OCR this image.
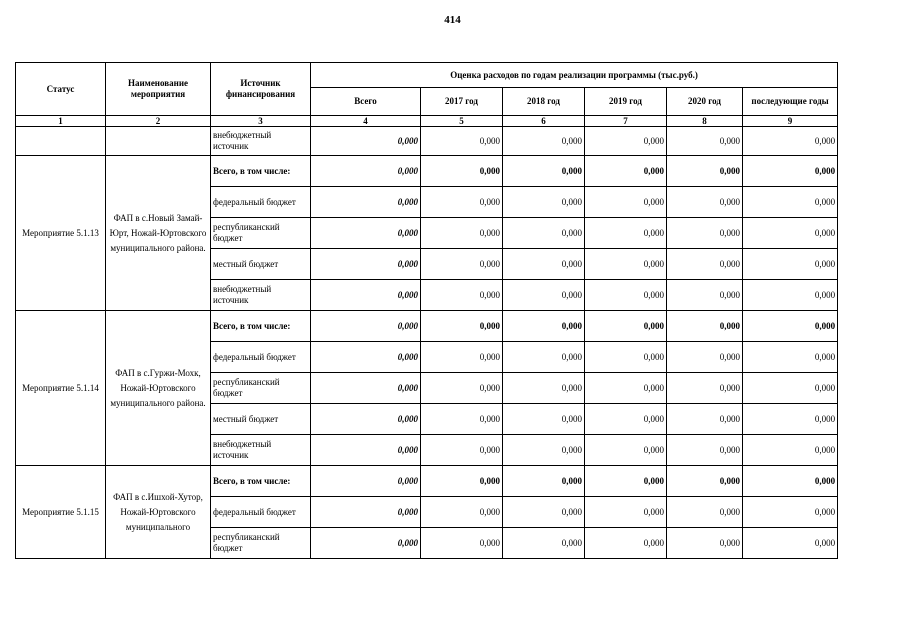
414
Статус	Наименование мероприятия	Источник финансирования	Оценка расходов по годам реализации программы (тыс.руб.)					
			Всего	2017 год	2018 год	2019 год	2020 год	последующие годы
1	2	3	4	5	6	7	8	9
		внебюджетный источник	0,000	0,000	0,000	0,000	0,000	0,000
Мероприятие 5.1.13	ФАП в с.Новый Замай-Юрт, Ножай-Юртовского муниципального района.	Всего, в том числе:	0,000	0,000	0,000	0,000	0,000	0,000
		федеральный бюджет	0,000	0,000	0,000	0,000	0,000	0,000
		республиканский бюджет	0,000	0,000	0,000	0,000	0,000	0,000
		местный бюджет	0,000	0,000	0,000	0,000	0,000	0,000
		внебюджетный источник	0,000	0,000	0,000	0,000	0,000	0,000
Мероприятие 5.1.14	ФАП в с.Гуржи-Мохк, Ножай-Юртовского муниципального района.	Всего, в том числе:	0,000	0,000	0,000	0,000	0,000	0,000
		федеральный бюджет	0,000	0,000	0,000	0,000	0,000	0,000
		республиканский бюджет	0,000	0,000	0,000	0,000	0,000	0,000
		местный бюджет	0,000	0,000	0,000	0,000	0,000	0,000
		внебюджетный источник	0,000	0,000	0,000	0,000	0,000	0,000
Мероприятие 5.1.15	ФАП в с.Ишхой-Хутор, Ножай-Юртовского муниципального	Всего, в том числе:	0,000	0,000	0,000	0,000	0,000	0,000
		федеральный бюджет	0,000	0,000	0,000	0,000	0,000	0,000
		республиканский бюджет	0,000	0,000	0,000	0,000	0,000	0,000
